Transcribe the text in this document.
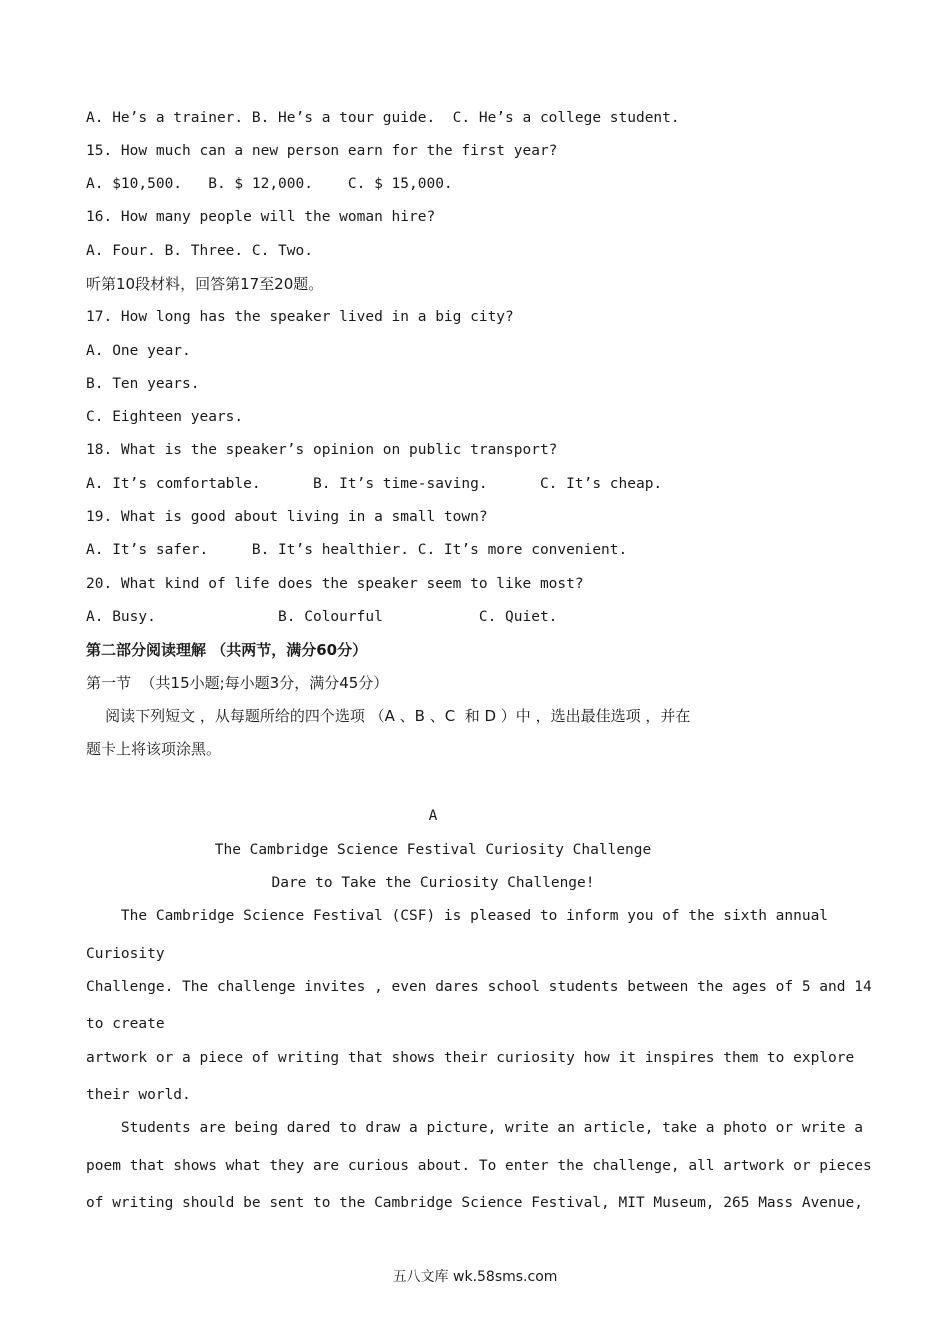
A. He’s a trainer. B. He’s a tour guide.  C. He’s a college student.
15. How much can a new person earn for the first year?
A. $10,500.   B. $ 12,000.    C. $ 15,000.
16. How many people will the woman hire?
A. Four. B. Three. C. Two.
听第10段材料，回答第17至20题。
17. How long has the speaker lived in a big city?
A. One year.
B. Ten years.
C. Eighteen years.
18. What is the speaker’s opinion on public transport?
A. It’s comfortable.      B. It’s time-saving.      C. It’s cheap.
19. What is good about living in a small town?
A. It’s safer.     B. It’s healthier. C. It’s more convenient.
20. What kind of life does the speaker seem to like most?
A. Busy.              B. Colourful           C. Quiet.
第二部分阅读理解 （共两节，满分60分）
第一节  （共15小题;每小题3分，满分45分）
阅读下列短文 ，从每题所给的四个选项 （A 、B 、C  和 D ）中 ，选出最佳选项 ，并在
题卡上将该项涂黑。
A
The Cambridge Science Festival Curiosity Challenge
Dare to Take the Curiosity Challenge!
The Cambridge Science Festival (CSF) is pleased to inform you of the sixth annual
Curiosity
Challenge. The challenge invites , even dares school students between the ages of 5 and 14
to create
artwork or a piece of writing that shows their curiosity how it inspires them to explore
their world.
Students are being dared to draw a picture, write an article, take a photo or write a
poem that shows what they are curious about. To enter the challenge, all artwork or pieces
of writing should be sent to the Cambridge Science Festival, MIT Museum, 265 Mass Avenue,
五八文库 wk.58sms.com
